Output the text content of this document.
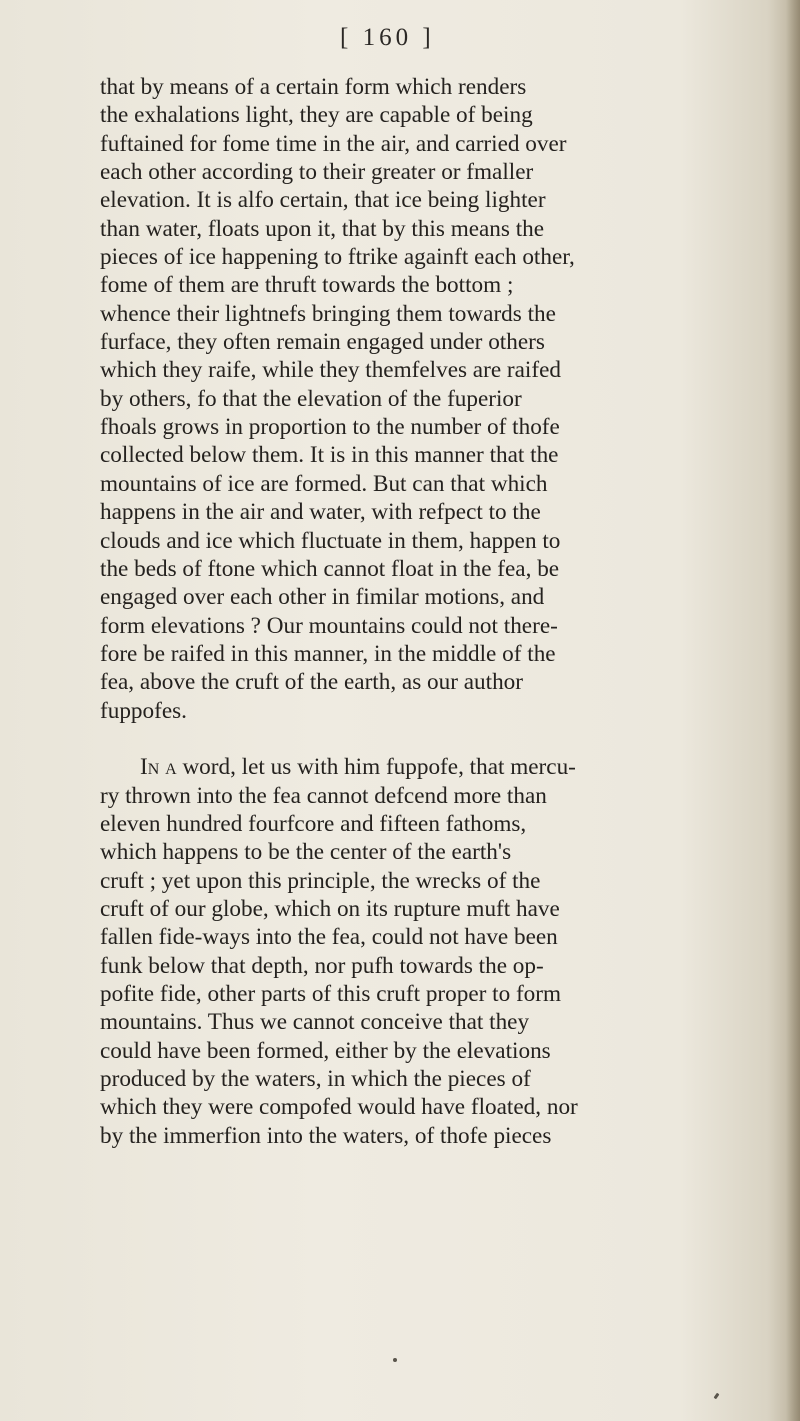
[ 160 ]
that by means of a certain form which renders
the exhalations light, they are capable of being
fuftained for fome time in the air, and carried over
each other according to their greater or fmaller
elevation. It is alfo certain, that ice being lighter
than water, floats upon it, that by this means the
pieces of ice happening to ftrike againft each other,
fome of them are thruft towards the bottom ;
whence their lightnefs bringing them towards the
furface, they often remain engaged under others
which they raife, while they themfelves are raifed
by others, fo that the elevation of the fuperior
fhoals grows in proportion to the number of thofe
collected below them. It is in this manner that the
mountains of ice are formed. But can that which
happens in the air and water, with refpect to the
clouds and ice which fluctuate in them, happen to
the beds of ftone which cannot float in the fea, be
engaged over each other in fimilar motions, and
form elevations ? Our mountains could not there-
fore be raifed in this manner, in the middle of the
fea, above the cruft of the earth, as our author
fuppofes.
In a word, let us with him fuppofe, that mercu-
ry thrown into the fea cannot defcend more than
eleven hundred fourfcore and fifteen fathoms,
which happens to be the center of the earth's
cruft ; yet upon this principle, the wrecks of the
cruft of our globe, which on its rupture muft have
fallen fide-ways into the fea, could not have been
funk below that depth, nor pufh towards the op-
pofite fide, other parts of this cruft proper to form
mountains. Thus we cannot conceive that they
could have been formed, either by the elevations
produced by the waters, in which the pieces of
which they were compofed would have floated, nor
by the immerfion into the waters, of thofe pieces
